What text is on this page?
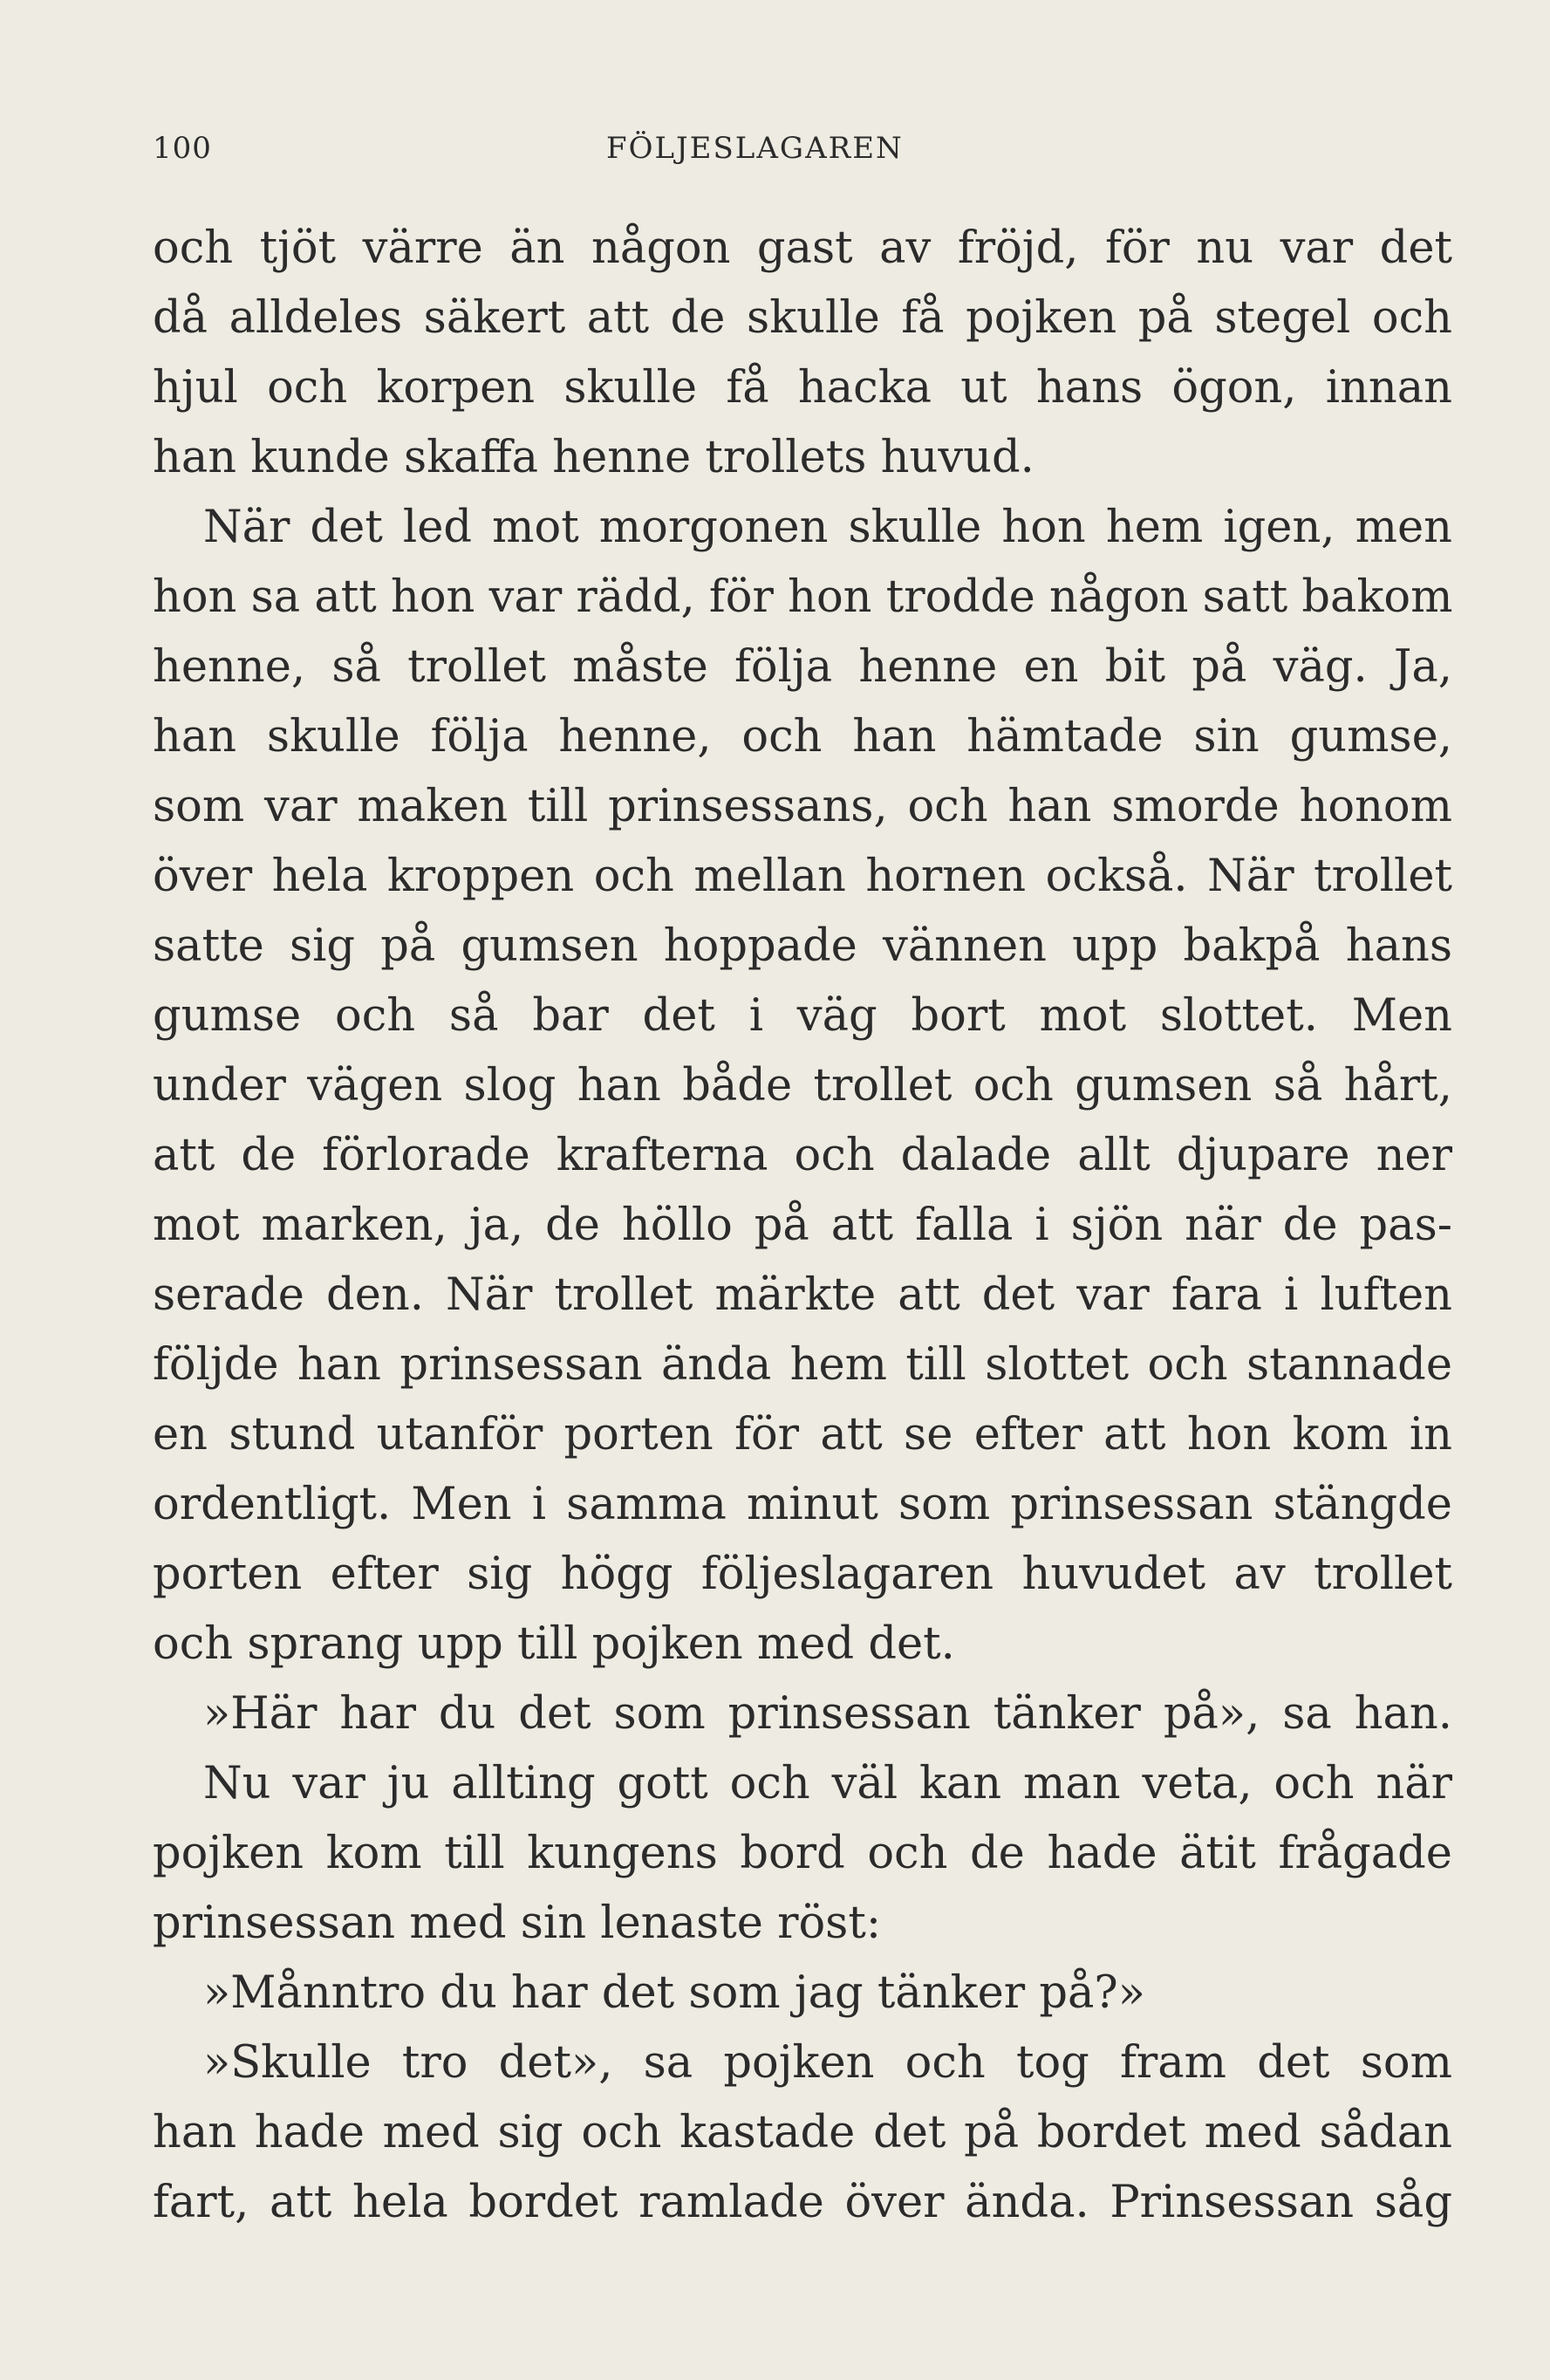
100	FÖLJESLAGAREN
och tjöt värre än någon gast av fröjd, för nu var det
då alldeles säkert att de skulle få pojken på stegel och
hjul och korpen skulle få hacka ut hans ögon, innan
han kunde skaffa henne trollets huvud.
När det led mot morgonen skulle hon hem igen, men
hon sa att hon var rädd, för hon trodde någon satt bakom
henne, så trollet måste följa henne en bit på väg. Ja,
han skulle följa henne, och han hämtade sin gumse,
som var maken till prinsessans, och han smorde honom
över hela kroppen och mellan hornen också. När trollet
satte sig på gumsen hoppade vännen upp bakpå hans
gumse och så bar det i väg bort mot slottet. Men
under vägen slog han både trollet och gumsen så hårt,
att de förlorade krafterna och dalade allt djupare ner
mot marken, ja, de höllo på att falla i sjön när de pas-
serade den. När trollet märkte att det var fara i luften
följde han prinsessan ända hem till slottet och stannade
en stund utanför porten för att se efter att hon kom in
ordentligt. Men i samma minut som prinsessan stängde
porten efter sig högg följeslagaren huvudet av trollet
och sprang upp till pojken med det.
»Här har du det som prinsessan tänker på», sa han.
Nu var ju allting gott och väl kan man veta, och när
pojken kom till kungens bord och de hade ätit frågade
prinsessan med sin lenaste röst:
»Månntro du har det som jag tänker på?»
»Skulle tro det», sa pojken och tog fram det som
han hade med sig och kastade det på bordet med sådan
fart, att hela bordet ramlade över ända. Prinsessan såg
